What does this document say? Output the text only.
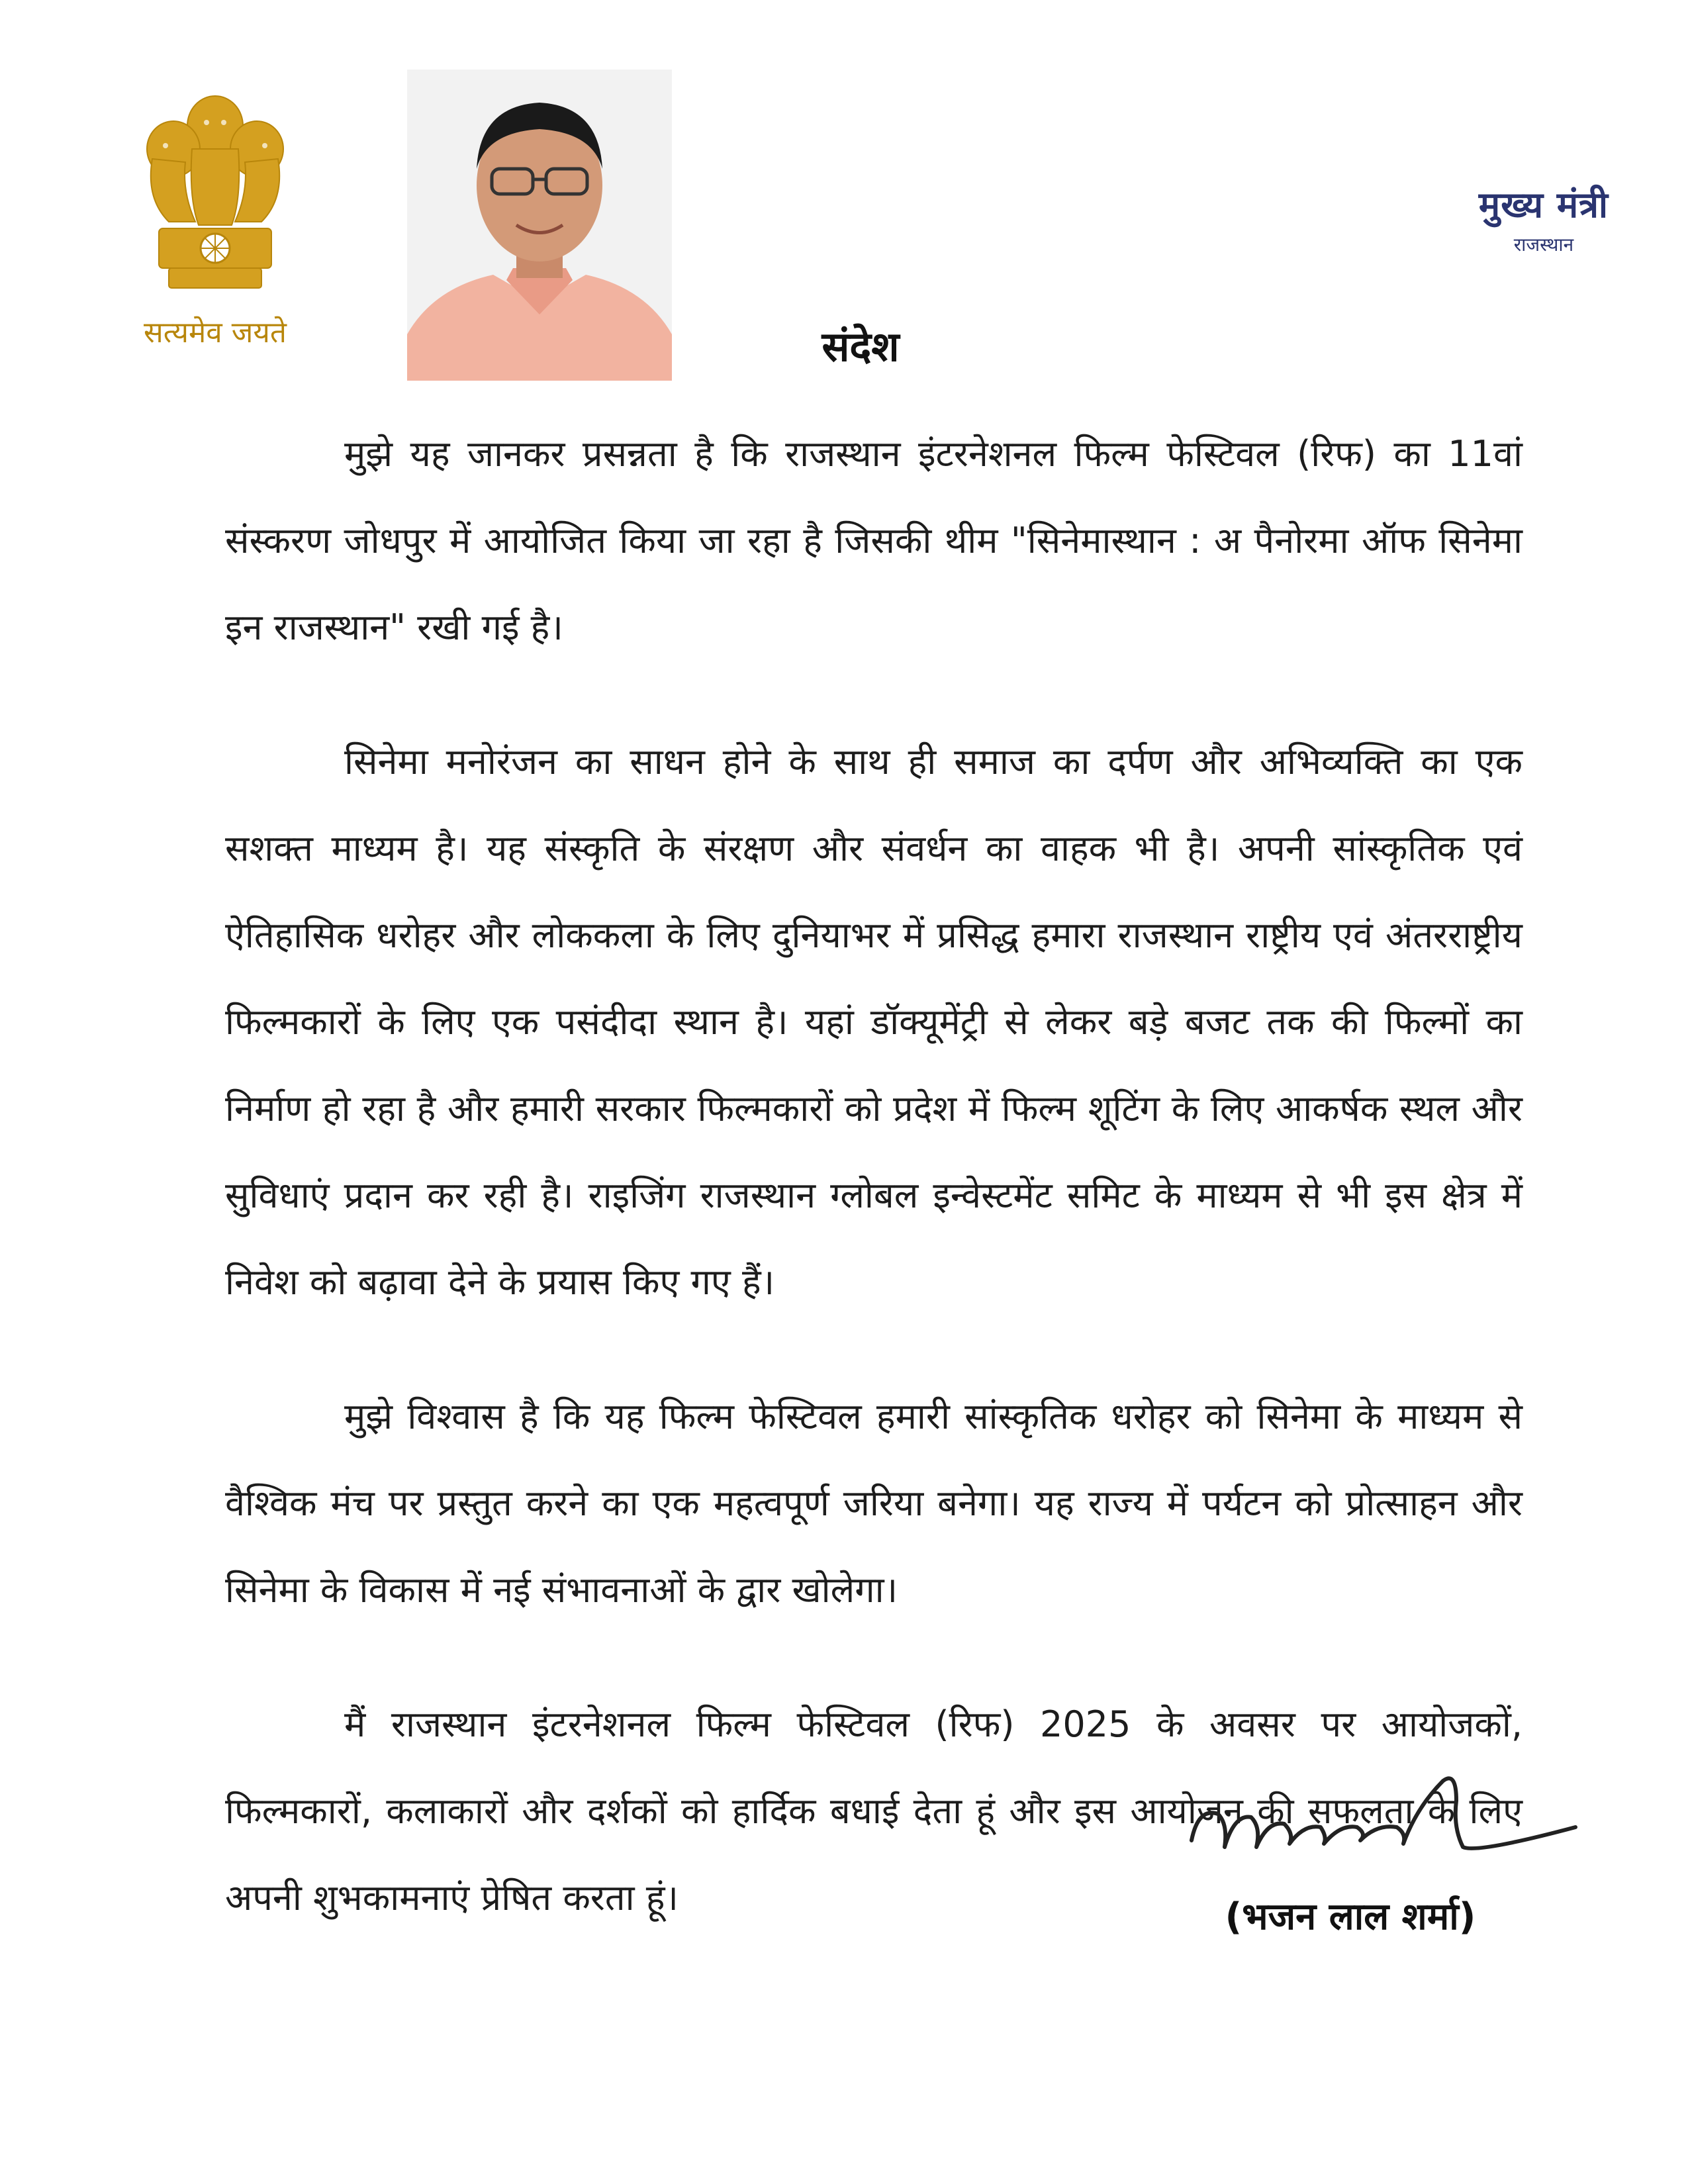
सत्यमेव जयते
मुख्य मंत्री
राजस्थान
संदेश

मुझे यह जानकर प्रसन्नता है कि राजस्थान इंटरनेशनल फिल्म फेस्टिवल (रिफ) का 11वां संस्करण जोधपुर में आयोजित किया जा रहा है जिसकी थीम "सिनेमास्थान : अ पैनोरमा ऑफ सिनेमा इन राजस्थान" रखी गई है।

सिनेमा मनोरंजन का साधन होने के साथ ही समाज का दर्पण और अभिव्यक्ति का एक सशक्त माध्यम है। यह संस्कृति के संरक्षण और संवर्धन का वाहक भी है। अपनी सांस्कृतिक एवं ऐतिहासिक धरोहर और लोककला के लिए दुनियाभर में प्रसिद्ध हमारा राजस्थान राष्ट्रीय एवं अंतरराष्ट्रीय फिल्मकारों के लिए एक पसंदीदा स्थान है। यहां डॉक्यूमेंट्री से लेकर बड़े बजट तक की फिल्मों का निर्माण हो रहा है और हमारी सरकार फिल्मकारों को प्रदेश में फिल्म शूटिंग के लिए आकर्षक स्थल और सुविधाएं प्रदान कर रही है। राइजिंग राजस्थान ग्लोबल इन्वेस्टमेंट समिट के माध्यम से भी इस क्षेत्र में निवेश को बढ़ावा देने के प्रयास किए गए हैं।

मुझे विश्वास है कि यह फिल्म फेस्टिवल हमारी सांस्कृतिक धरोहर को सिनेमा के माध्यम से वैश्विक मंच पर प्रस्तुत करने का एक महत्वपूर्ण जरिया बनेगा। यह राज्य में पर्यटन को प्रोत्साहन और सिनेमा के विकास में नई संभावनाओं के द्वार खोलेगा।

मैं राजस्थान इंटरनेशनल फिल्म फेस्टिवल (रिफ) 2025 के अवसर पर आयोजकों, फिल्मकारों, कलाकारों और दर्शकों को हार्दिक बधाई देता हूं और इस आयोजन की सफलता के लिए अपनी शुभकामनाएं प्रेषित करता हूं।	(भजन लाल शर्मा)
